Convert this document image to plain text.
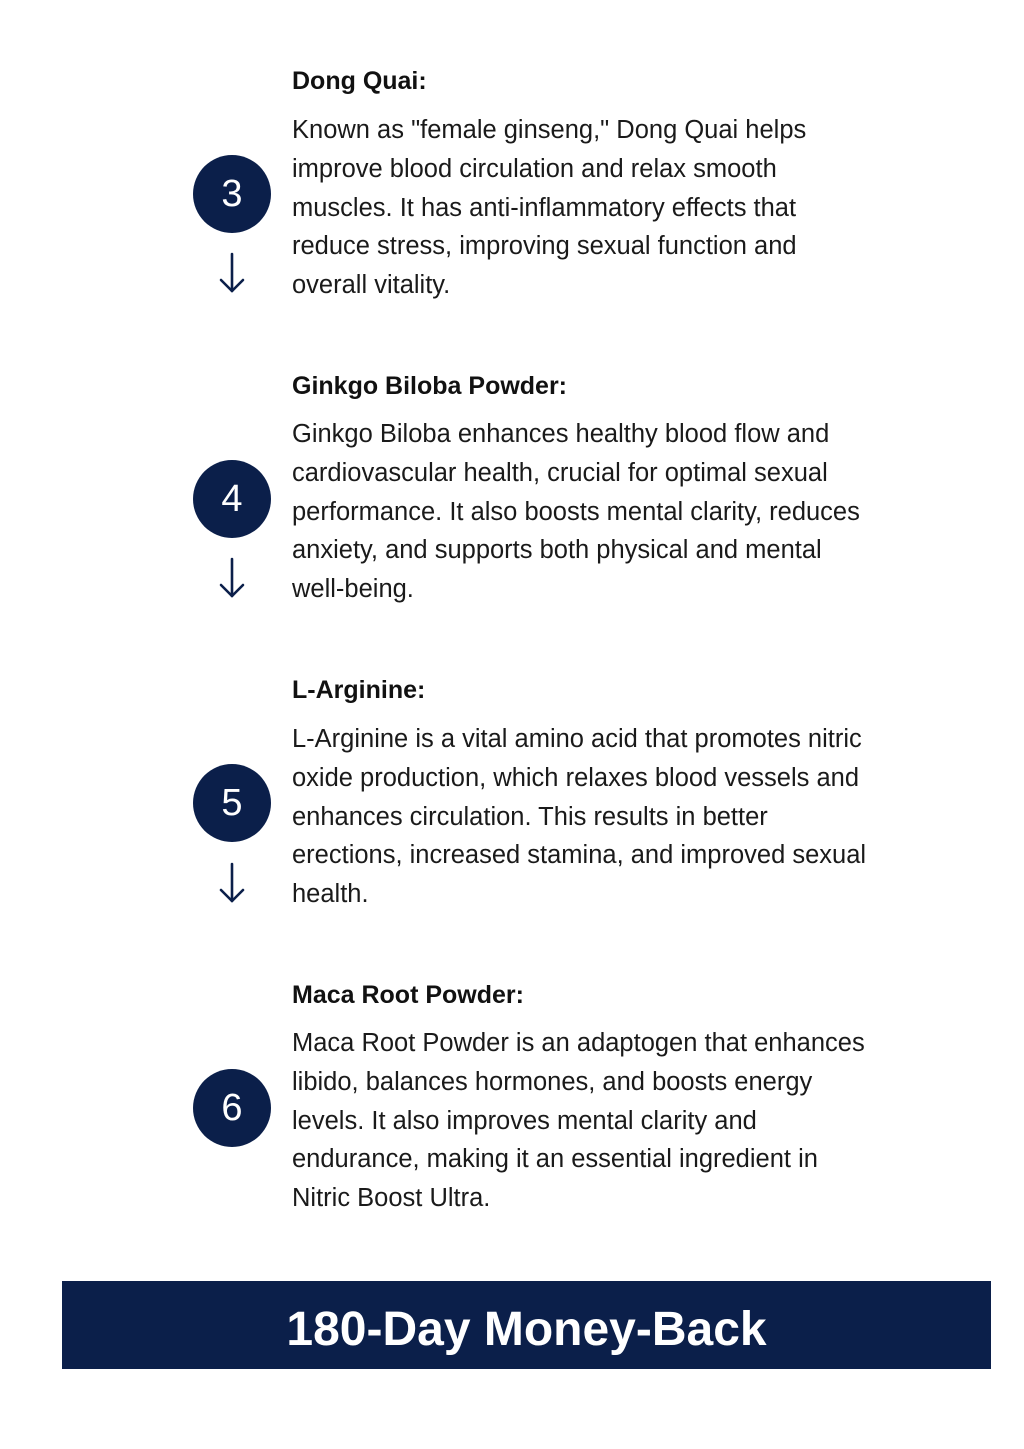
Dong Quai:
3

Known as "female ginseng," Dong Quai helps improve blood circulation and relax smooth muscles. It has anti-inflammatory effects that reduce stress, improving sexual function and overall vitality.

Ginkgo Biloba Powder:
4

Ginkgo Biloba enhances healthy blood flow and cardiovascular health, crucial for optimal sexual performance. It also boosts mental clarity, reduces anxiety, and supports both physical and mental well-being.

L-Arginine:
5

L-Arginine is a vital amino acid that promotes nitric oxide production, which relaxes blood vessels and enhances circulation. This results in better erections, increased stamina, and improved sexual health.

Maca Root Powder:
6

Maca Root Powder is an adaptogen that enhances libido, balances hormones, and boosts energy levels. It also improves mental clarity and endurance, making it an essential ingredient in Nitric Boost Ultra.

180-Day Money-Back
